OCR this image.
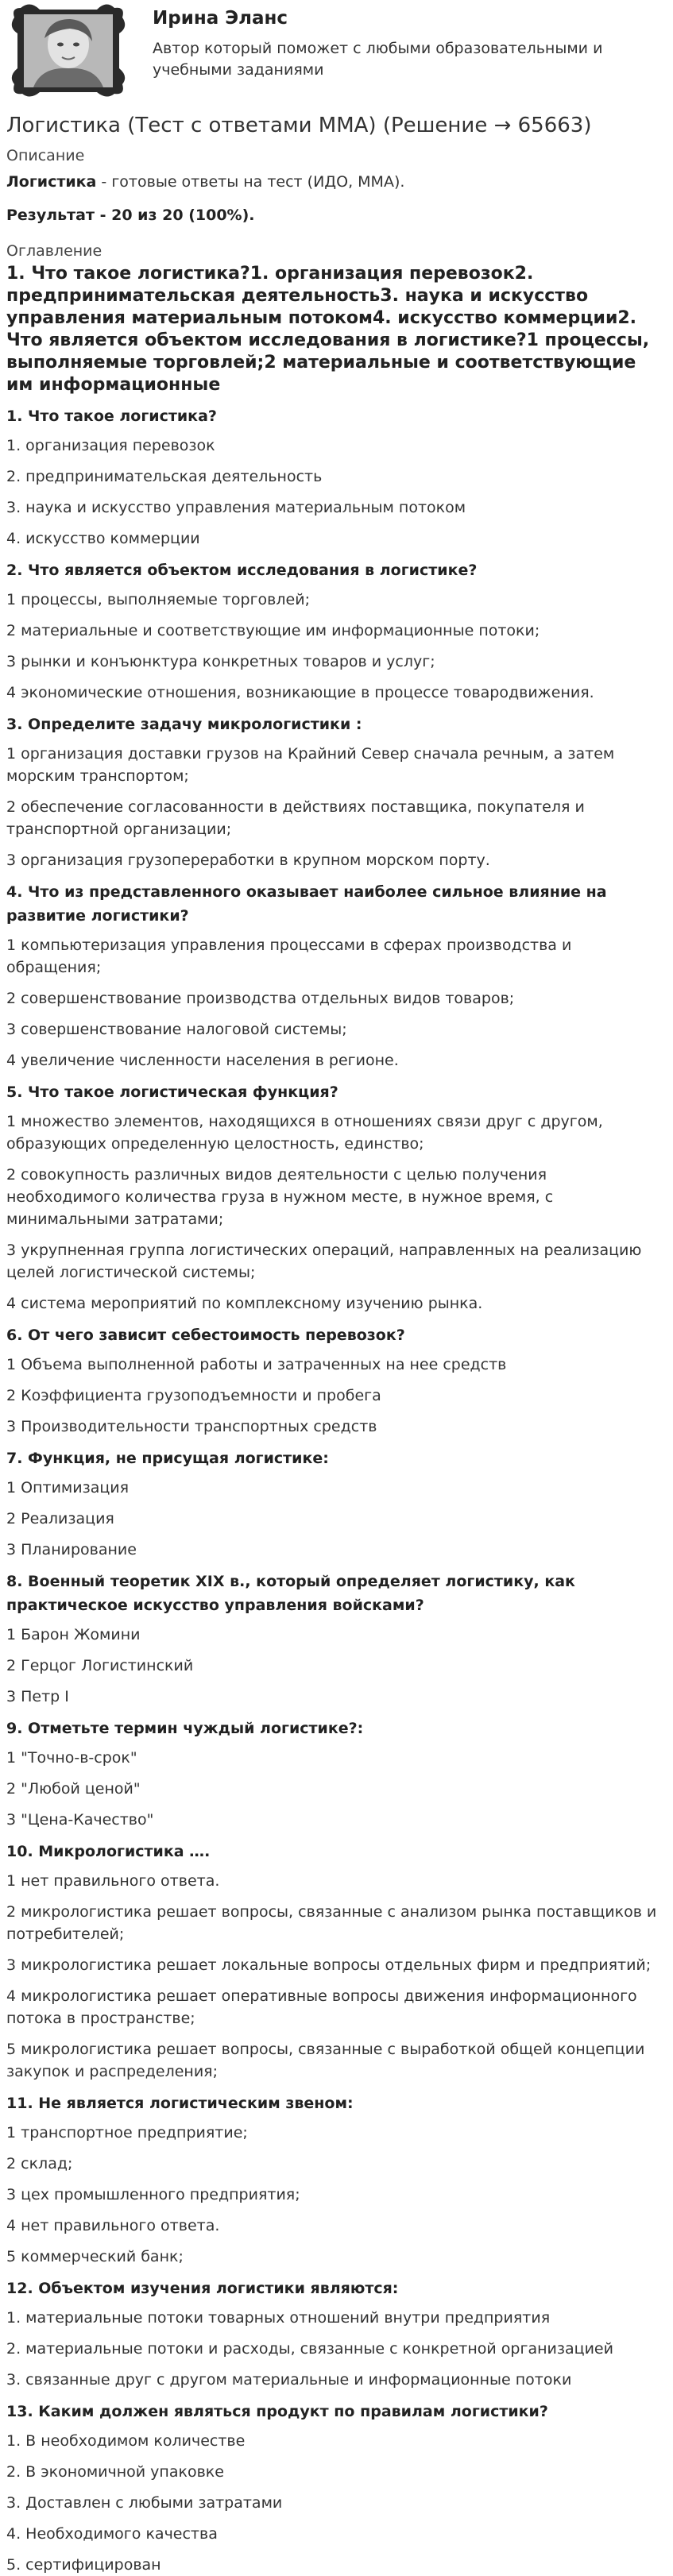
Ирина Эланс
Автор который поможет с любыми образовательными и учебными заданиями
Логистика (Тест с ответами ММА) (Решение → 65663)
Описание
Логистика - готовые ответы на тест (ИДО, ММА).
Результат - 20 из 20 (100%).
Оглавление
1. Что такое логистика?1. организация перевозок2. предпринимательская деятельность3. наука и искусство управления материальным потоком4. искусство коммерции2. Что является объектом исследования в логистике?1 процессы, выполняемые торговлей;2 материальные и соответствующие им информационные
1. Что такое логистика?
1. организация перевозок
2. предпринимательская деятельность
3. наука и искусство управления материальным потоком
4. искусство коммерции
2. Что является объектом исследования в логистике?
1 процессы, выполняемые торговлей;
2 материальные и соответствующие им информационные потоки;
3 рынки и конъюнктура конкретных товаров и услуг;
4 экономические отношения, возникающие в процессе товародвижения.
3. Определите задачу микрологистики :
1 организация доставки грузов на Крайний Север сначала речным, а затем морским транспортом;
2 обеспечение согласованности в действиях поставщика, покупателя и транспортной организации;
3 организация грузопереработки в крупном морском порту.
4. Что из представленного оказывает наиболее сильное влияние на развитие логистики?
1 компьютеризация управления процессами в сферах производства и обращения;
2 совершенствование производства отдельных видов товаров;
3 совершенствование налоговой системы;
4 увеличение численности населения в регионе.
5. Что такое логистическая функция?
1 множество элементов, находящихся в отношениях связи друг с другом, образующих определенную целостность, единство;
2 совокупность различных видов деятельности с целью получения необходимого количества груза в нужном месте, в нужное время, с минимальными затратами;
3 укрупненная группа логистических операций, направленных на реализацию целей логистической системы;
4 система мероприятий по комплексному изучению рынка.
6. От чего зависит себестоимость перевозок?
1 Объема выполненной работы и затраченных на нее средств
2 Коэффициента грузоподъемности и пробега
3 Производительности транспортных средств
7. Функция, не присущая логистике:
1 Оптимизация
2 Реализация
3 Планирование
8. Военный теоретик XIX в., который определяет логистику, как практическое искусство управления войсками?
1 Барон Жомини
2 Герцог Логистинский
3 Петр I
9. Отметьте термин чуждый логистике?:
1 "Точно-в-срок"
2 "Любой ценой"
3 "Цена-Качество"
10. Микрологистика ….
1 нет правильного ответа.
2 микрологистика решает вопросы, связанные с анализом рынка поставщиков и потребителей;
3 микрологистика решает локальные вопросы отдельных фирм и предприятий;
4 микрологистика решает оперативные вопросы движения информационного потока в пространстве;
5 микрологистика решает вопросы, связанные с выработкой общей концепции закупок и распределения;
11. Не является логистическим звеном:
1 транспортное предприятие;
2 склад;
3 цех промышленного предприятия;
4 нет правильного ответа.
5 коммерческий банк;
12. Объектом изучения логистики являются:
1. материальные потоки товарных отношений внутри предприятия
2. материальные потоки и расходы, связанные с конкретной организацией
3. связанные друг с другом материальные и информационные потоки
13. Каким должен являться продукт по правилам логистики?
1. В необходимом количестве
2. В экономичной упаковке
3. Доставлен с любыми затратами
4. Необходимого качества
5. сертифицирован
